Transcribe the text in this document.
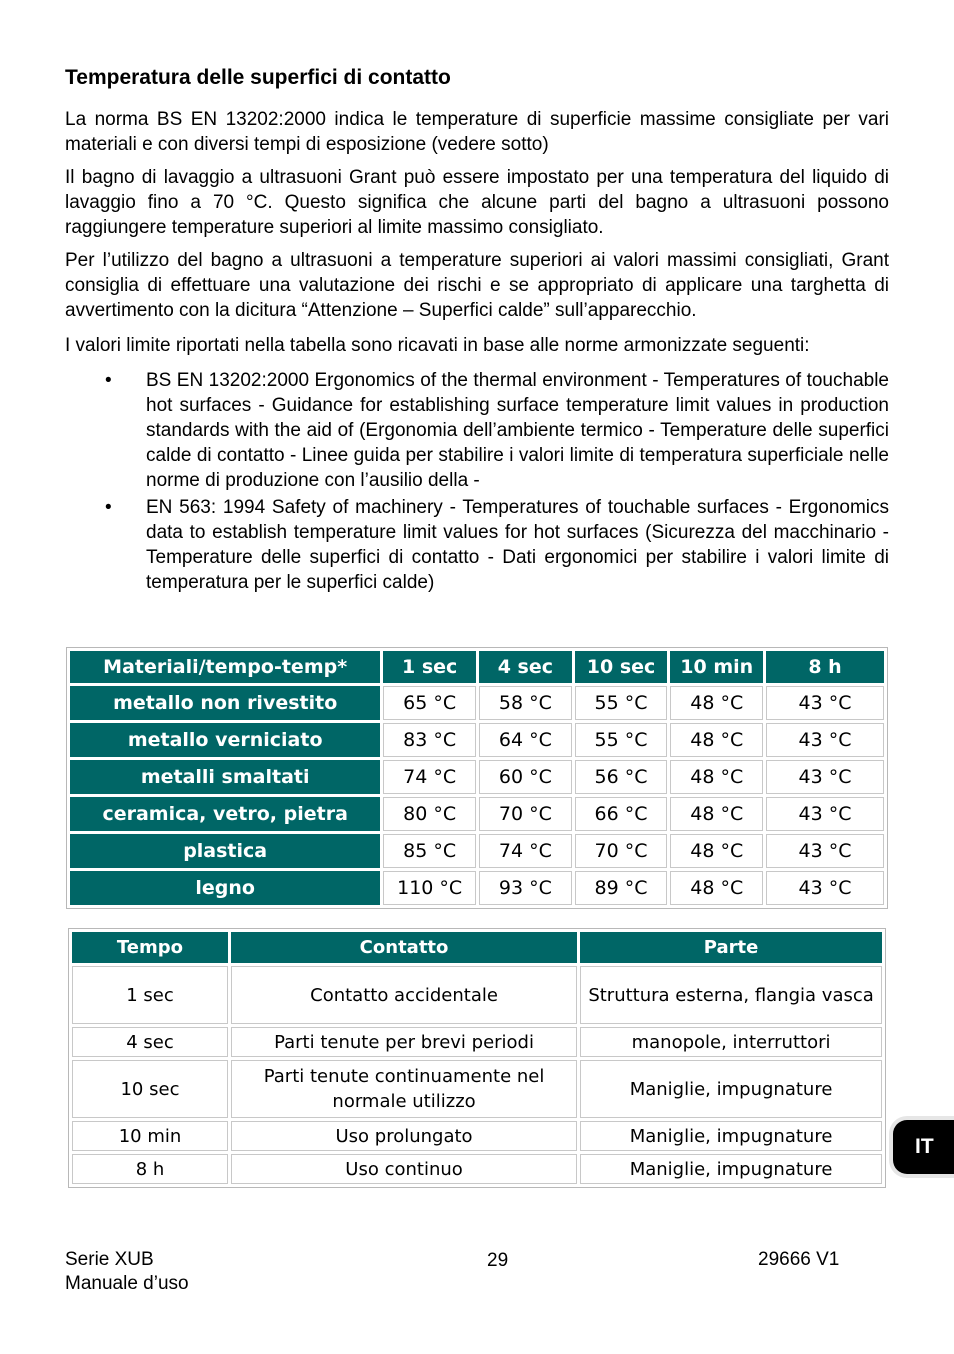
Temperatura delle superfici di contatto

La norma BS EN 13202:2000 indica le temperature di superficie massime consigliate per vari materiali e con diversi tempi di esposizione (vedere sotto)

Il bagno di lavaggio a ultrasuoni Grant può essere impostato per una temperatura del liquido di lavaggio fino a 70 °C. Questo significa che alcune parti del bagno a ultrasuoni possono raggiungere temperature superiori al limite massimo consigliato.

Per l’utilizzo del bagno a ultrasuoni a temperature superiori ai valori massimi consigliati, Grant consiglia di effettuare una valutazione dei rischi e se appropriato di applicare una targhetta di avvertimento con la dicitura “Attenzione – Superfici calde” sull’apparecchio.

I valori limite riportati nella tabella sono ricavati in base alle norme armonizzate seguenti:

• BS EN 13202:2000 Ergonomics of the thermal environment - Temperatures of touchable hot surfaces - Guidance for establishing surface temperature limit values in production standards with the aid of (Ergonomia dell’ambiente termico - Temperature delle superfici calde di contatto - Linee guida per stabilire i valori limite di temperatura superficiale nelle norme di produzione con l’ausilio della -
• EN 563: 1994 Safety of machinery - Temperatures of touchable surfaces - Ergonomics data to establish temperature limit values for hot surfaces (Sicurezza del macchinario - Temperature delle superfici di contatto - Dati ergonomici per stabilire i valori limite di temperatura per le superfici calde)
Materiali/tempo-temp*	1 sec	4 sec	10 sec	10 min	8 h
metallo non rivestito	65 °C	58 °C	55 °C	48 °C	43 °C
metallo verniciato	83 °C	64 °C	55 °C	48 °C	43 °C
metalli smaltati	74 °C	60 °C	56 °C	48 °C	43 °C
ceramica, vetro, pietra	80 °C	70 °C	66 °C	48 °C	43 °C
plastica	85 °C	74 °C	70 °C	48 °C	43 °C
legno	110 °C	93 °C	89 °C	48 °C	43 °C
Tempo	Contatto	Parte
1 sec	Contatto accidentale	Struttura esterna, flangia vasca
4 sec	Parti tenute per brevi periodi	manopole, interruttori
10 sec	Parti tenute continuamente nel normale utilizzo	Maniglie, impugnature
10 min	Uso prolungato	Maniglie, impugnature
8 h	Uso continuo	Maniglie, impugnature
IT
Serie XUB
Manuale d’uso
29	29666 V1
